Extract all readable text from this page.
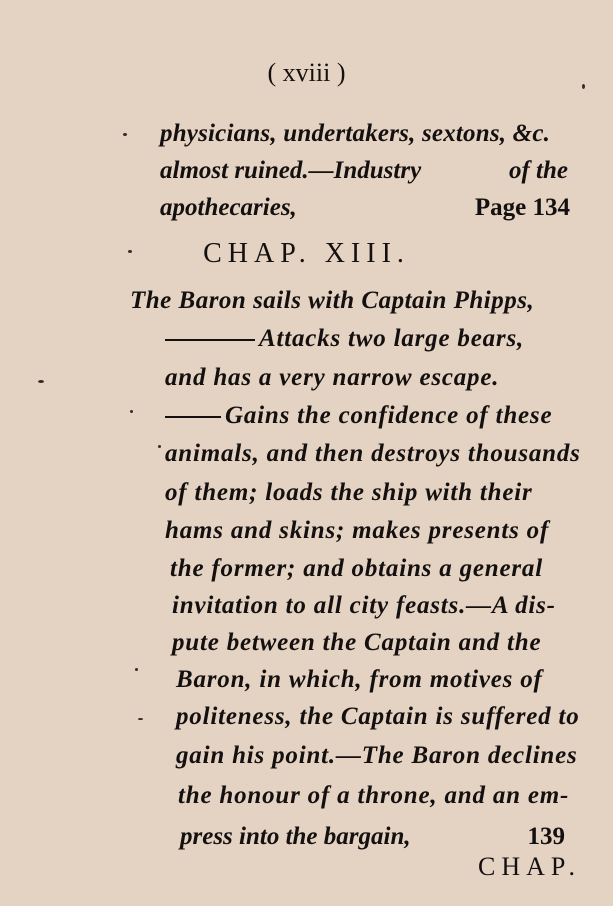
( xviii )
physicians, undertakers, sextons, &c.
almost ruined.—Industry	of the
apothecaries,	Page 134
CHAP. XIII.
The Baron sails with Captain Phipps,
Attacks two large bears,
and has a very narrow escape.
Gains the confidence of these
animals, and then destroys thousands
of them; loads the ship with their
hams and skins; makes presents of
the former; and obtains a general
invitation to all city feasts.—A dis-
pute between the Captain and the
Baron, in which, from motives of
politeness, the Captain is suffered to
gain his point.—The Baron declines
the honour of a throne, and an em-
press into the bargain,	139
CHAP.
